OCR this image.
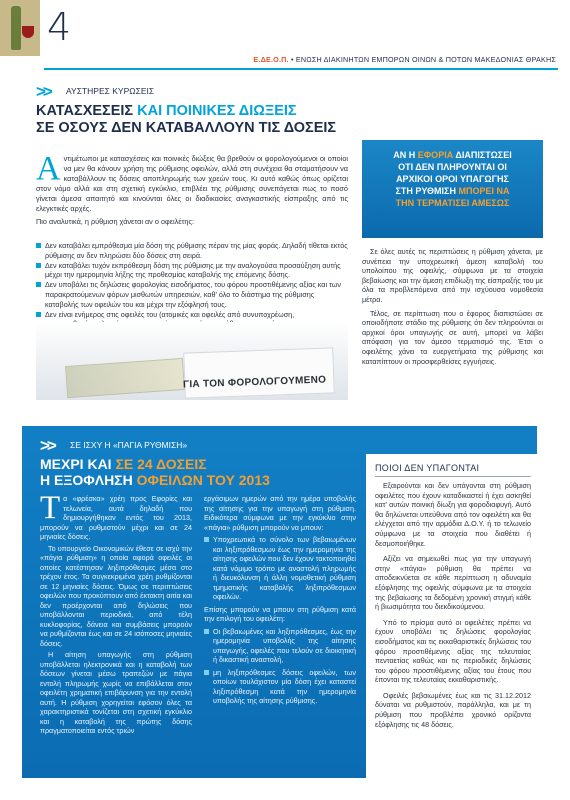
4
Ε.ΔΕ.Ο.Π. • ΕΝΩΣΗ ΔΙΑΚΙΝΗΤΩΝ ΕΜΠΟΡΩΝ ΟΙΝΩΝ & ΠΟΤΩΝ ΜΑΚΕΔΟΝΙΑΣ ΘΡΑΚΗΣ
>> ΑΥΣΤΗΡΕΣ ΚΥΡΩΣΕΙΣ
ΚΑΤΑΣΧΕΣΕΙΣ ΚΑΙ ΠΟΙΝΙΚΕΣ ΔΙΩΞΕΙΣ
ΣΕ ΟΣΟΥΣ ΔΕΝ ΚΑΤΑΒΑΛΛΟΥΝ ΤΙΣ ΔΟΣΕΙΣ
Αντιμέτωποι με κατασχέσεις και ποινικές διώξεις θα βρεθούν οι φορολογούμενοι οι οποίοι να μεν θα κάνουν χρήση της ρύθμισης οφειλών, αλλά στη συνέχεια θα σταματήσουν να καταβάλλουν τις δόσεις αποπληρωμής των χρεών τους. Κι αυτό καθώς όπως ορίζεται στον νόμο αλλά και στη σχετική εγκύκλιο, επιβλέει της ρύθμισης συνεπάγεται πως το ποσό γίνεται άμεσα απαιτητό και κινούνται όλες οι διαδικασίες αναγκαστικής είσπραξης από τις ελεγκτικές αρχές.
Πιο αναλυτικά, η ρύθμιση χάνεται αν ο οφειλέτης:
Δεν καταβάλει εμπρόθεσμα μία δόση της ρύθμισης πέραν της μίας φοράς. Δηλαδή τίθεται εκτός ρύθμισης αν δεν πληρώσει δύο δόσεις στη σειρά.
Δεν καταβάλει τυχόν εκπρόθεσμη δόση της ρύθμισης με την αναλογούσα προσαύξηση αυτής μέχρι την ημερομηνία λήξης της προθεσμίας καταβολής της επόμενης δόσης.
Δεν υποβάλει τις δηλώσεις φορολογίας εισοδήματος, του φόρου προστιθέμενης αξίας και των παρακρατούμενων φόρων μισθωτών υπηρεσιών, καθ' όλο το διάστημα της ρύθμισης καταβολής των οφειλών του και μέχρι την εξόφλησή τους.
Δεν είναι ενήμερος στις οφειλές του (ατομικές και οφειλές από συνυποχρέωση,
ΓΙΑ ΤΟΝ ΦΟΡΟΛΟΓΟΥΜΕΝΟ
ΑΝ Η ΕΦΟΡΙΑ ΔΙΑΠΙΣΤΩΣΕΙ
ΟΤΙ ΔΕΝ ΠΛΗΡΟΥΝΤΑΙ ΟΙ
ΑΡΧΙΚΟΙ ΟΡΟΙ ΥΠΑΓΩΓΗΣ
ΣΤΗ ΡΥΘΜΙΣΗ ΜΠΟΡΕΙ ΝΑ
ΤΗΝ ΤΕΡΜΑΤΙΣΕΙ ΑΜΕΣΩΣ

Σε όλες αυτές τις περιπτώσεις η ρύθμιση χάνεται, με συνέπεια την υποχρεωτική άμεση καταβολή του υπολοίπου της οφειλής, σύμφωνα με τα στοιχεία βεβαίωσης και την άμεση επιδίωξη της είσπραξής του με όλα τα προβλεπόμενα από την ισχύουσα νομοθεσία μέτρα.

Τέλος, σε περίπτωση που ο έφορος διαπιστώσει σε οποιοδήποτε στάδιο της ρύθμισης ότι δεν πληρούνται οι αρχικοί όροι υπαγωγής σε αυτή, μπορεί να λάβει απόφαση για τον άμεσο τερματισμό της. Έτσι ο οφειλέτης χάνει τα ευεργετήματα της ρύθμισης και καταπίπτουν οι προσφερθείσες εγγυήσεις.

>> ΣΕ ΙΣΧΥ Η «ΠΑΓΙΑ ΡΥΘΜΙΣΗ»
ΜΕΧΡΙ ΚΑΙ ΣΕ 24 ΔΟΣΕΙΣ
Η ΕΞΟΦΛΗΣΗ ΟΦΕΙΛΩΝ ΤΟΥ 2013

Τα «φρέσκα» χρέη προς Εφορίες και τελωνεία, αυτά δηλαδή που δημιουργήθηκαν εντός του 2013, μπορούν να ρυθμιστούν μέχρι και σε 24 μηνιαίες δόσεις.

Το υπουργείο Οικονομικών έθεσε σε ισχύ την «πάγια ρύθμιση» η οποία αφορά οφειλές οι οποίες κατέστησαν ληξιπρόθεσμες μέσα στο τρέχον έτος. Τα συγκεκριμένα χρέη ρυθμίζονται σε 12 μηνιαίες δόσεις. Όμως σε περιπτώσεις οφειλών που προκύπτουν από έκτακτη αιτία και δεν προέρχονται από δηλώσεις που υποβάλλονται περιοδικά, από τέλη κυκλοφορίας, δάνεια και συμβάσεις μπορούν να ρυθμίζονται έως και σε 24 ισόποσες μηνιαίες δόσεις.

Η αίτηση υπαγωγής στη ρύθμιση υποβάλλεται ηλεκτρονικά και η καταβολή των δόσεων γίνεται μέσω τραπεζών με πάγια εντολή πληρωμής χωρίς να επιβάλλεται στον οφειλέτη χρηματική επιβάρυνση για την εντολή αυτή. Η ρύθμιση χορηγείται εφόσον όλες τα χαρακτηριστικά τονίζεται στη σχετική εγκύκλιο και η καταβολή της πρώτης δόσης πραγματοποιείται εντός τριών

εργάσιμων ημερών από την ημέρα υποβολής της αίτησης για την υπαγωγή στη ρύθμιση. Ειδικότερα σύμφωνα με την εγκύκλιο στην «πάγια» ρύθμιση μπορούν να μπουν:

Υποχρεωτικά το σύνολο των βεβαιωμένων και ληξιπρόθεσμων έως την ημερομηνία της αίτησης οφειλών που δεν έχουν τακτοποιηθεί κατά νόμιμο τρόπο με αναστολή πληρωμής ή διευκόλυνση ή άλλη νομοθετική ρύθμιση τμηματικής καταβολής ληξιπρόθεσμων οφειλών.

Επίσης μπορούν να μπουν στη ρύθμιση κατά την επιλογή του οφειλέτη:

Οι βεβαιωμένες και ληξιπρόθεσμες, έως την ημερομηνία υποβολής της αίτησης υπαγωγής, οφειλές που τελούν σε διοικητική ή δικαστική αναστολή,
μη ληξιπρόθεσμες δόσεις οφειλών, των οποίων τουλάχιστον μία δόση έχει καταστεί ληξιπρόθεσμη κατά την ημερομηνία υποβολής της αίτησης ρύθμισης.
ΠΟΙΟΙ ΔΕΝ ΥΠΑΓΟΝΤΑΙ

Εξαιρούνται και δεν υπάγονται στη ρύθμιση οφειλέτες που έχουν καταδικαστεί ή έχει ασκηθεί κατ' αυτών ποινική δίωξη για φοροδιαφυγή. Αυτό θα δηλώνεται υπεύθυνα από τον οφειλέτη και θα ελέγχεται από την αρμόδια Δ.Ο.Υ. ή το τελωνείο σύμφωνα με τα στοιχεία που διαθέτει ή δεσμοποιήθηκε.

Αξίζει να σημειωθεί πως για την υπαγωγή στην «πάγια» ρύθμιση θα πρέπει να αποδεικνύεται σε κάθε περίπτωση η αδυναμία εξόφλησης της οφειλής σύμφωνα με τα στοιχεία της βεβαίωσης τα δεδομένη χρονική στιγμή κάθε ή βιωσιμότητα του διεκδικούμενου.

Υπό το πρίσμα αυτό οι οφειλέτες πρέπει να έχουν υποβάλει τις δηλώσεις φορολογίας εισοδήματος και τις εκκαθαριστικές δηλώσεις του φόρου προστιθέμενης αξίας της τελευταίας πενταετίας καθώς και τις περιοδικές δηλώσεις του φόρου προστιθέμενης αξίας του έτους που έπονται της τελευταίας εκκαθαριστικής.

Οφειλές βεβαιωμένες έως και τις 31.12.2012 δύναται να ρυθμιστούν, παράλληλα, και με τη ρύθμιση που προβλέπει χρονικό ορίζοντα εξόφλησης τις 48 δόσεις.
